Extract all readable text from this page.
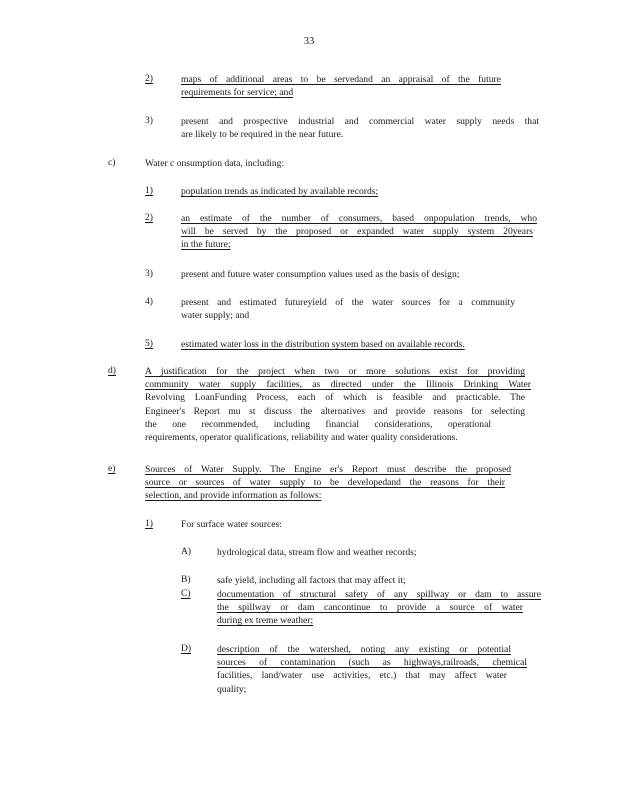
33
2)	maps of additional areas to be servedand an appraisal of the future
requirements for service; and
3)	present and prospective industrial and commercial water supply needs that
are likely to be required in the near future.
c)	Water c onsumption data, including:
1)	population trends as indicated by available records;
2)	an estimate of the number of consumers, based onpopulation trends, who
will be served by the proposed or expanded water supply system 20years
in the future;
3)	present and future water consumption values used as the basis of design;
4)	present and estimated futureyield of the water sources for a community
water supply; and
5)	estimated water loss in the distribution system based on available records.
d)	A justification for the project when two or more solutions exist for providing
community water supply facilities, as directed under the Illinois Drinking Water
Revolving LoanFunding Process, each of which is feasible and practicable. The
Engineer's Report mu st discuss the alternatives and provide reasons for selecting
the one recommended, including financial considerations, operational
requirements, operator qualifications, reliability and water quality considerations.
e)	Sources of Water Supply. The Engine er's Report must describe the proposed
source or sources of water supply to be developedand the reasons for their
selection, and provide information as follows:
1)	For surface water sources:
A)	hydrological data, stream flow and weather records;
B)	safe yield, including all factors that may affect it;
C)	documentation of structural safety of any spillway or dam to assure
the spillway or dam cancontinue to provide a source of water
during ex treme weather;
D)	description of the watershed, noting any existing or potential
sources of contamination (such as highways,railroads, chemical
facilities, land/water use activities, etc.) that may affect water
quality;
